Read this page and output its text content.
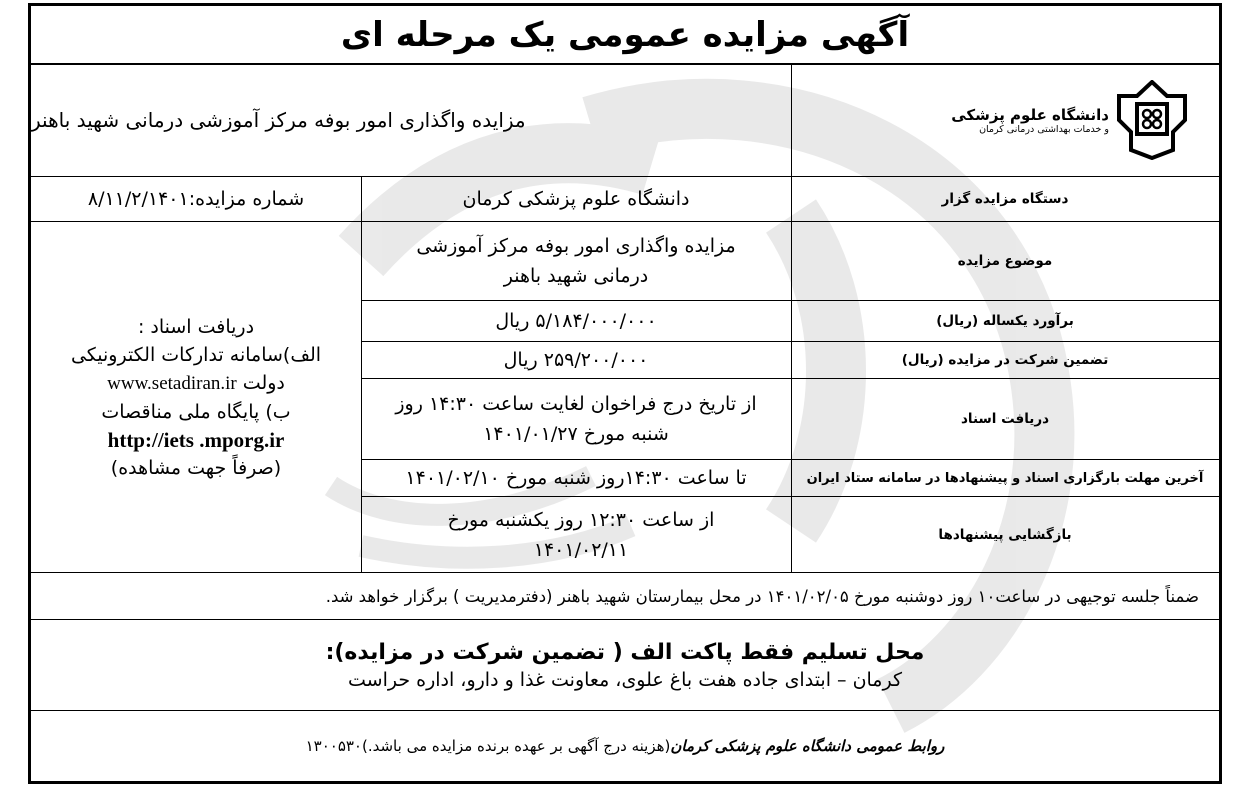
آگهی مزایده عمومی یک مرحله ای
مزایده واگذاری امور بوفه مرکز آموزشی درمانی شهید باهنر	دانشگاه علوم پزشکی
و خدمات بهداشتی درمانی کرمان
دستگاه مزایده گزار
دانشگاه علوم پزشکی کرمان
شماره مزایده:۸/۱۱/۲/۱۴۰۱
موضوع مزایده
مزایده واگذاری امور بوفه مرکز آموزشی درمانی شهید باهنر
برآورد یکساله (ریال)
۵/۱۸۴/۰۰۰/۰۰۰ ریال
تضمین شرکت در مزایده (ریال)
۲۵۹/۲۰۰/۰۰۰ ریال
دریافت اسناد
از تاریخ درج فراخوان لغایت ساعت ۱۴:۳۰ روز شنبه مورخ ۱۴۰۱/۰۱/۲۷
آخرین مهلت بارگزاری اسناد و پیشنهادها در سامانه ستاد ایران
تا ساعت ۱۴:۳۰روز شنبه مورخ ۱۴۰۱/۰۲/۱۰
بازگشایی پیشنهادها
از ساعت ۱۲:۳۰ روز یکشنبه مورخ ۱۴۰۱/۰۲/۱۱
دریافت اسناد :
الف)سامانه تدارکات الکترونیکی
دولت www.setadiran.ir
ب) پایگاه ملی مناقصات
http://iets .mporg.ir
(صرفاً جهت مشاهده)
ضمناً جلسه توجیهی در ساعت۱۰ روز دوشنبه مورخ ۱۴۰۱/۰۲/۰۵ در محل بیمارستان شهید باهنر (دفترمدیریت ) برگزار خواهد شد.
محل تسلیم فقط پاکت الف ( تضمین شرکت در مزایده):
کرمان – ابتدای جاده هفت باغ علوی، معاونت غذا و دارو، اداره حراست
روابط عمومی دانشگاه علوم پزشکی کرمان
(هزینه درج آگهی بر عهده برنده مزایده می باشد.)۱۳۰۰۵۳۰
